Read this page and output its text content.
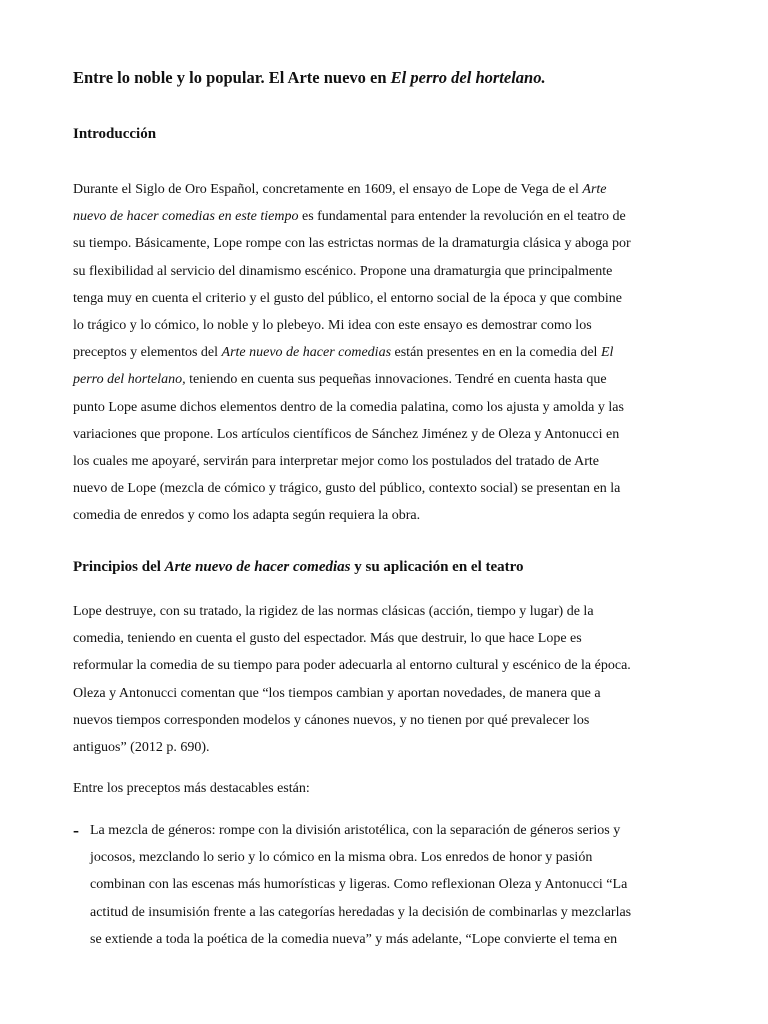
Entre lo noble y lo popular. El Arte nuevo en El perro del hortelano.
Introducción

Durante el Siglo de Oro Español, concretamente en 1609, el ensayo de Lope de Vega de el Arte
nuevo de hacer comedias en este tiempo es fundamental para entender la revolución en el teatro de
su tiempo. Básicamente, Lope rompe con las estrictas normas de la dramaturgia clásica y aboga por
su flexibilidad al servicio del dinamismo escénico. Propone una dramaturgia que principalmente
tenga muy en cuenta el criterio y el gusto del público, el entorno social de la época y que combine
lo trágico y lo cómico, lo noble y lo plebeyo. Mi idea con este ensayo es demostrar como los
preceptos y elementos del Arte nuevo de hacer comedias están presentes en en la comedia del El
perro del hortelano, teniendo en cuenta sus pequeñas innovaciones. Tendré en cuenta hasta que
punto Lope asume dichos elementos dentro de la comedia palatina, como los ajusta y amolda y las
variaciones que propone. Los artículos científicos de Sánchez Jiménez y de Oleza y Antonucci en
los cuales me apoyaré, servirán para interpretar mejor como los postulados del tratado de Arte
nuevo de Lope (mezcla de cómico y trágico, gusto del público, contexto social) se presentan en la
comedia de enredos y como los adapta según requiera la obra.

Principios del Arte nuevo de hacer comedias y su aplicación en el teatro

Lope destruye, con su tratado, la rigidez de las normas clásicas (acción, tiempo y lugar) de la
comedia, teniendo en cuenta el gusto del espectador. Más que destruir, lo que hace Lope es
reformular la comedia de su tiempo para poder adecuarla al entorno cultural y escénico de la época.
Oleza y Antonucci comentan que “los tiempos cambian y aportan novedades, de manera que a
nuevos tiempos corresponden modelos y cánones nuevos, y no tienen por qué prevalecer los
antiguos” (2012 p. 690).

Entre los preceptos más destacables están:

- La mezcla de géneros: rompe con la división aristotélica, con la separación de géneros serios y
jocosos, mezclando lo serio y lo cómico en la misma obra. Los enredos de honor y pasión
combinan con las escenas más humorísticas y ligeras. Como reflexionan Oleza y Antonucci “La
actitud de insumisión frente a las categorías heredadas y la decisión de combinarlas y mezclarlas
se extiende a toda la poética de la comedia nueva” y más adelante, “Lope convierte el tema en
